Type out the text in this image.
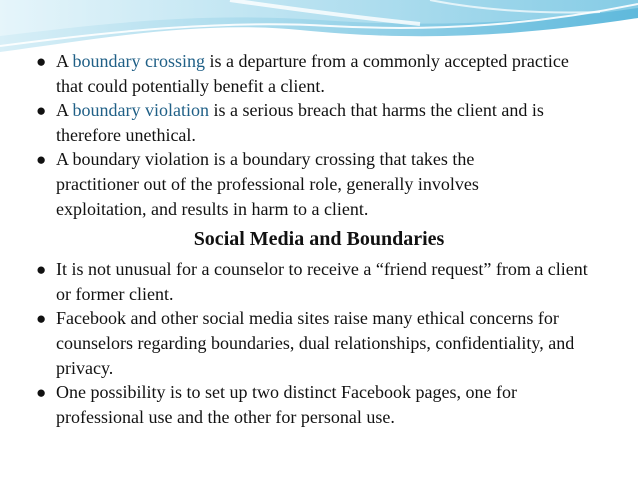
● A boundary crossing is a departure from a commonly accepted practice that could potentially benefit a client.
● A boundary violation is a serious breach that harms the client and is therefore unethical.
● A boundary violation is a boundary crossing that takes the practitioner out of the professional role, generally involves exploitation, and results in harm to a client.
Social Media and Boundaries
● It is not unusual for a counselor to receive a “friend request” from a client or former client.
● Facebook and other social media sites raise many ethical concerns for counselors regarding boundaries, dual relationships, confidentiality, and privacy.
● One possibility is to set up two distinct Facebook pages, one for professional use and the other for personal use.
